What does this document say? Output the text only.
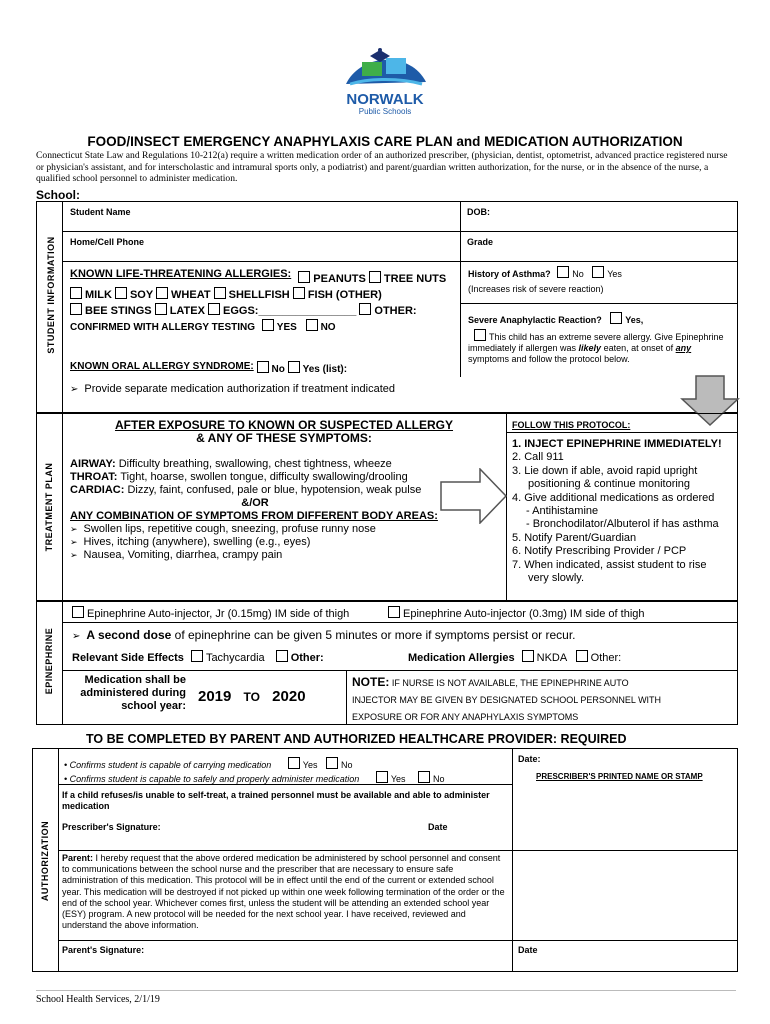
NORWALK
Public Schools
FOOD/INSECT EMERGENCY ANAPHYLAXIS CARE PLAN and MEDICATION AUTHORIZATION
Connecticut State Law and Regulations 10-212(a) require a written medication order of an authorized prescriber, (physician, dentist, optometrist, advanced practice registered nurse or physician's assistant, and for interscholastic and intramural sports only, a podiatrist) and parent/guardian written authorization, for the nurse, or in the absence of the nurse, a qualified school personnel to administer medication.
School:
STUDENT INFORMATION
Student Name	DOB:
Home/Cell Phone	Grade
KNOWN LIFE-THREATENING ALLERGIES: PEANUTS TREE NUTS
MILK SOY WHEAT SHELLFISH FISH (OTHER)
BEE STINGS LATEX EGGS:________________ OTHER:
CONFIRMED WITH ALLERGY TESTING YES NO
KNOWN ORAL ALLERGY SYNDROME: No Yes (list):
History of Asthma? No	Yes
(Increases risk of severe reaction)
Severe Anaphylactic Reaction?	Yes,
This child has an extreme severe allergy. Give Epinephrine immediately if allergen was likely eaten, at onset of any symptoms and follow the protocol below.
➢ Provide separate medication authorization if treatment indicated
TREATMENT PLAN
AFTER EXPOSURE TO KNOWN OR SUSPECTED ALLERGY
& ANY OF THESE SYMPTOMS:
AIRWAY: Difficulty breathing, swallowing, chest tightness, wheeze
THROAT: Tight, hoarse, swollen tongue, difficulty swallowing/drooling
CARDIAC: Dizzy, faint, confused, pale or blue, hypotension, weak pulse
&/OR
ANY COMBINATION OF SYMPTOMS FROM DIFFERENT BODY AREAS:
➢ Swollen lips, repetitive cough, sneezing, profuse runny nose
➢ Hives, itching (anywhere), swelling (e.g., eyes)
➢ Nausea, Vomiting, diarrhea, crampy pain
FOLLOW THIS PROTOCOL:
1. INJECT EPINEPHRINE IMMEDIATELY!
2. Call 911
3. Lie down if able, avoid rapid upright
positioning & continue monitoring
4. Give additional medications as ordered
- Antihistamine
- Bronchodilator/Albuterol if has asthma
5. Notify Parent/Guardian
6. Notify Prescribing Provider / PCP
7. When indicated, assist student to rise
very slowly.
EPINEPHRINE
Epinephrine Auto-injector, Jr (0.15mg) IM side of thigh	Epinephrine Auto-injector (0.3mg) IM side of thigh
➢ A second dose of epinephrine can be given 5 minutes or more if symptoms persist or recur.
Relevant Side Effects Tachycardia Other:	Medication Allergies NKDA Other:
Medication shall be
administered during
school year:
2019 TO 2020
NOTE: IF NURSE IS NOT AVAILABLE, THE EPINEPHRINE AUTO
INJECTOR MAY BE GIVEN BY DESIGNATED SCHOOL PERSONNEL WITH
EXPOSURE OR FOR ANY ANAPHYLAXIS SYMPTOMS
TO BE COMPLETED BY PARENT AND AUTHORIZED HEALTHCARE PROVIDER: REQUIRED
AUTHORIZATION
• Confirms student is capable of carrying medication	Yes	No
• Confirms student is capable to safely and properly administer medication	Yes	No
Date:
PRESCRIBER'S PRINTED NAME OR STAMP
If a child refuses/is unable to self-treat, a trained personnel must be available and able to administer medication
Prescriber's Signature:	Date
Parent: I hereby request that the above ordered medication be administered by school personnel and consent to communications between the school nurse and the prescriber that are necessary to ensure safe administration of this medication. This protocol will be in effect until the end of the current or extended school year. This medication will be destroyed if not picked up within one week following termination of the order or the end of the school year. Whichever comes first, unless the student will be attending an extended school year (ESY) program. A new protocol will be needed for the next school year. I have received, reviewed and understand the above information.
Parent's Signature:	Date
School Health Services, 2/1/19
